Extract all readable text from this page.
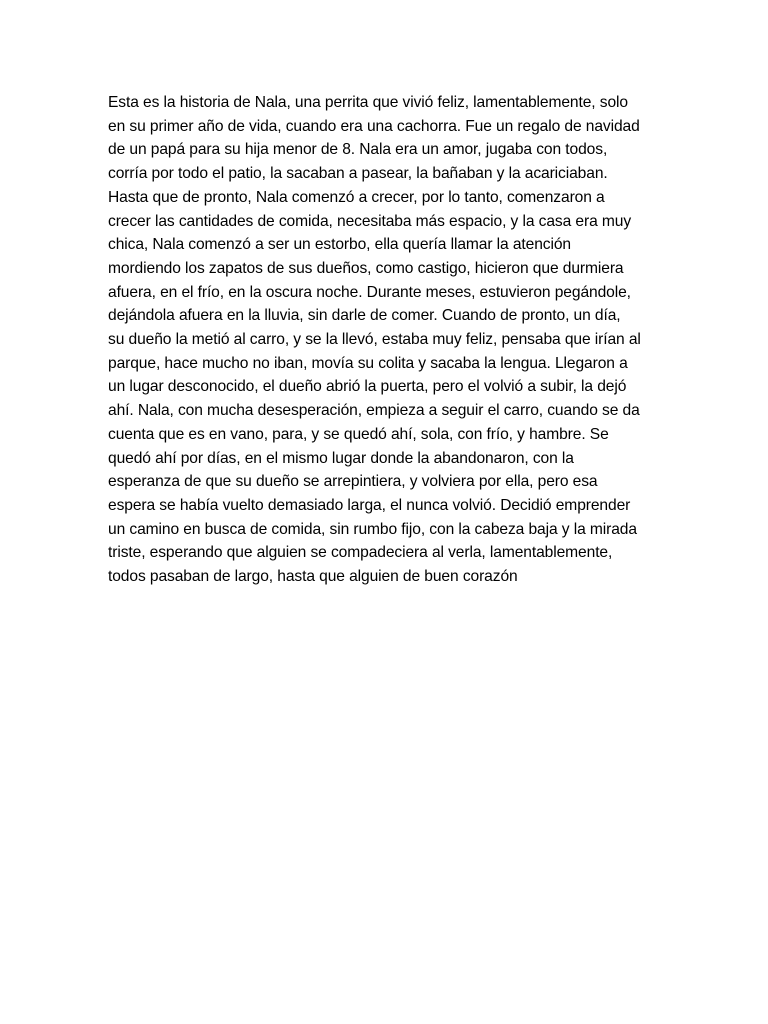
Esta es la historia de Nala, una perrita que vivió feliz, lamentablemente, solo
en su primer año de vida, cuando era una cachorra. Fue un regalo de navidad
de un papá para su hija menor de 8. Nala era un amor, jugaba con todos,
corría por todo el patio, la sacaban a pasear, la bañaban y la acariciaban.
Hasta que de pronto, Nala comenzó a crecer, por lo tanto, comenzaron a
crecer las cantidades de comida, necesitaba más espacio, y la casa era muy
chica, Nala comenzó a ser un estorbo, ella quería llamar la atención
mordiendo los zapatos de sus dueños, como castigo, hicieron que durmiera
afuera, en el frío, en la oscura noche. Durante meses, estuvieron pegándole,
dejándola afuera en la lluvia, sin darle de comer. Cuando de pronto, un día,
su dueño la metió al carro, y se la llevó, estaba muy feliz, pensaba que irían al
parque, hace mucho no iban, movía su colita y sacaba la lengua. Llegaron a
un lugar desconocido, el dueño abrió la puerta, pero el volvió a subir, la dejó
ahí. Nala, con mucha desesperación, empieza a seguir el carro, cuando se da
cuenta que es en vano, para, y se quedó ahí, sola, con frío, y hambre. Se
quedó ahí por días, en el mismo lugar donde la abandonaron, con la
esperanza de que su dueño se arrepintiera, y volviera por ella, pero esa
espera se había vuelto demasiado larga, el nunca volvió. Decidió emprender
un camino en busca de comida, sin rumbo fijo, con la cabeza baja y la mirada
triste, esperando que alguien se compadeciera al verla, lamentablemente,
todos pasaban de largo, hasta que alguien de buen corazón
